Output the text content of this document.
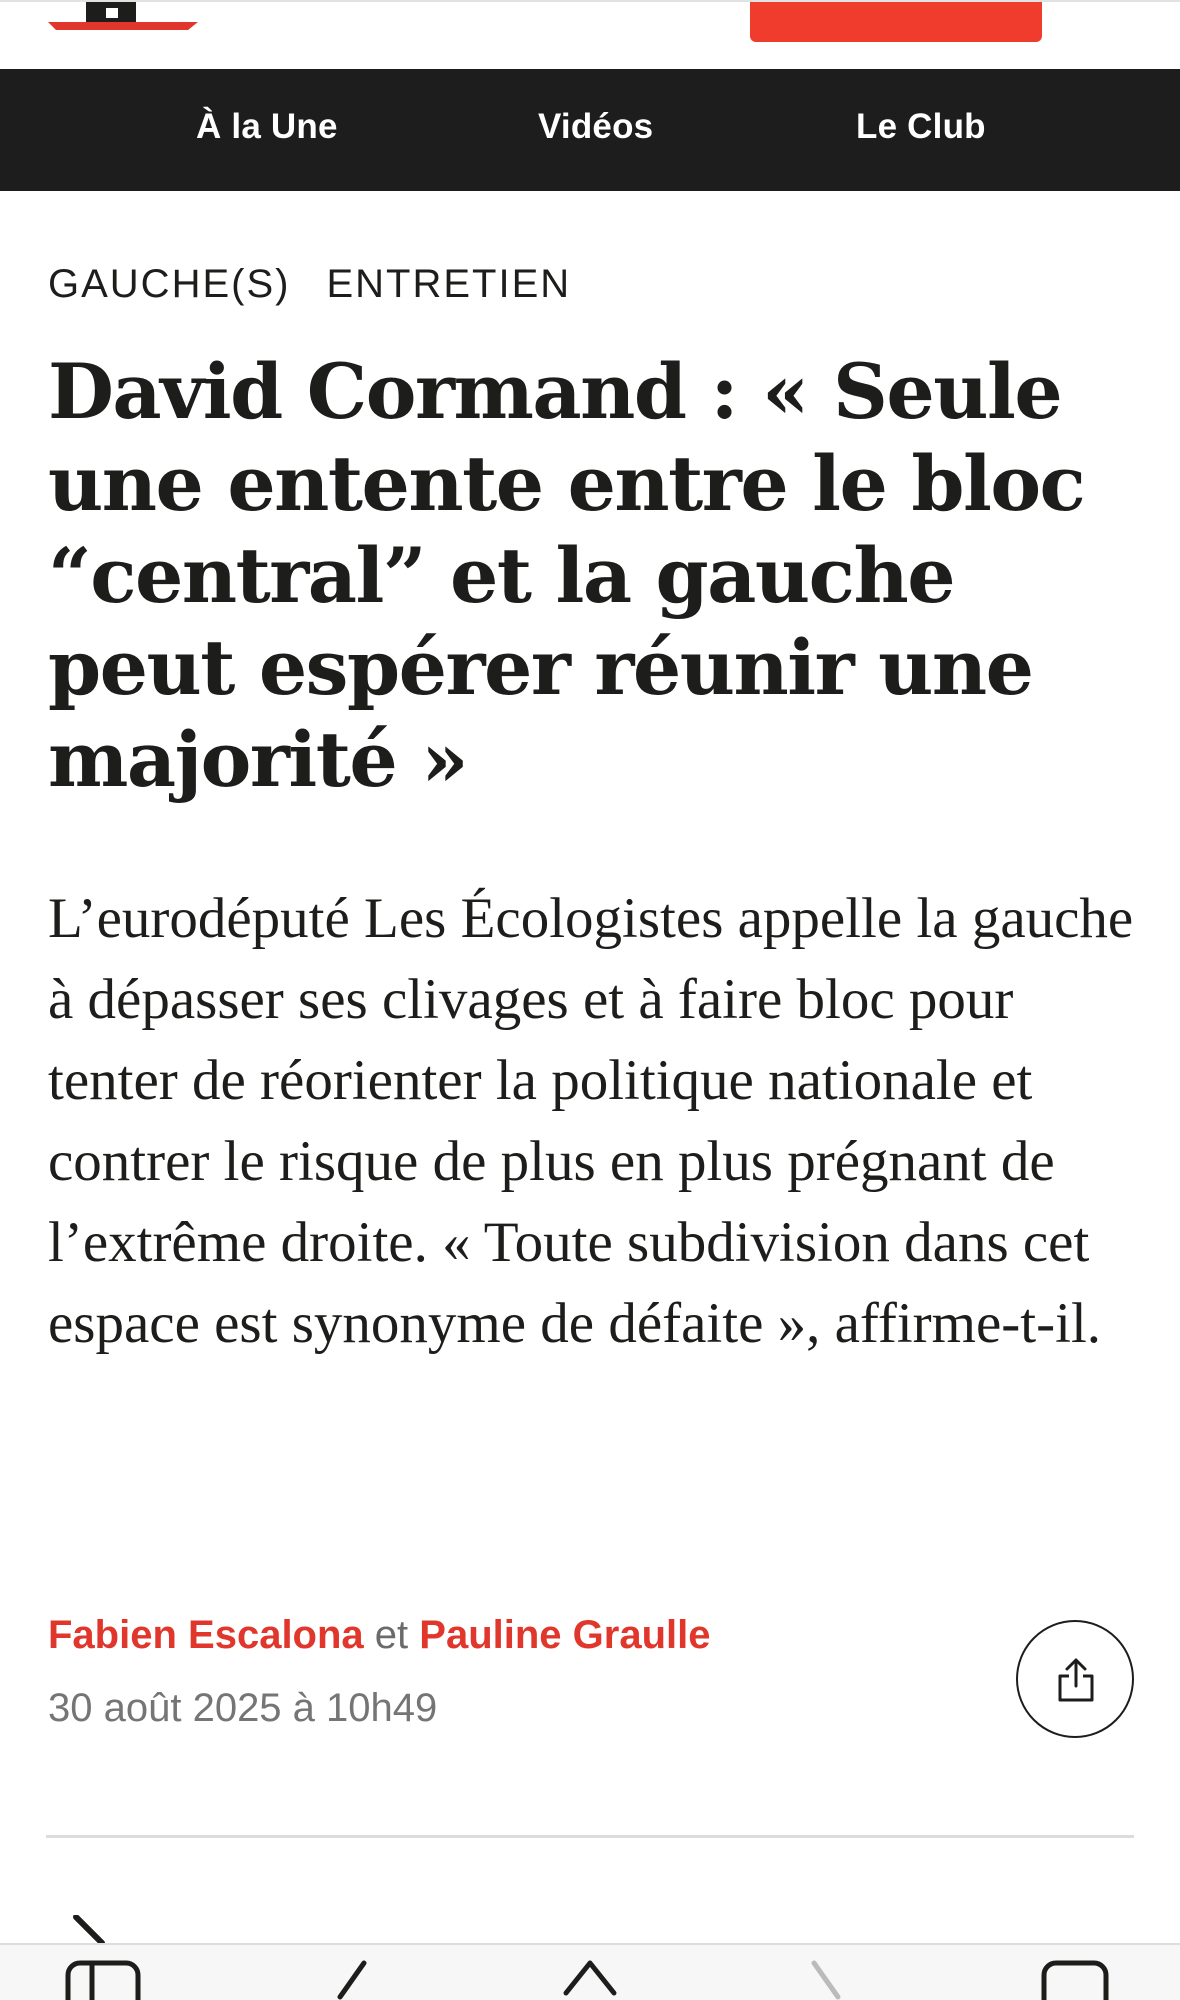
À la Une	Vidéos	Le Club
GAUCHE(S) ENTRETIEN
David Cormand : « Seule une entente entre le bloc “central” et la gauche peut espérer réunir une majorité »

L’eurodéputé Les Écologistes appelle la gauche à dépasser ses clivages et à faire bloc pour tenter de réorienter la politique nationale et contrer le risque de plus en plus prégnant de l’extrême droite. « Toute subdivision dans cet espace est synonyme de défaite », affirme-t-il.

Fabien Escalona et Pauline Graulle
30 août 2025 à 10h49
